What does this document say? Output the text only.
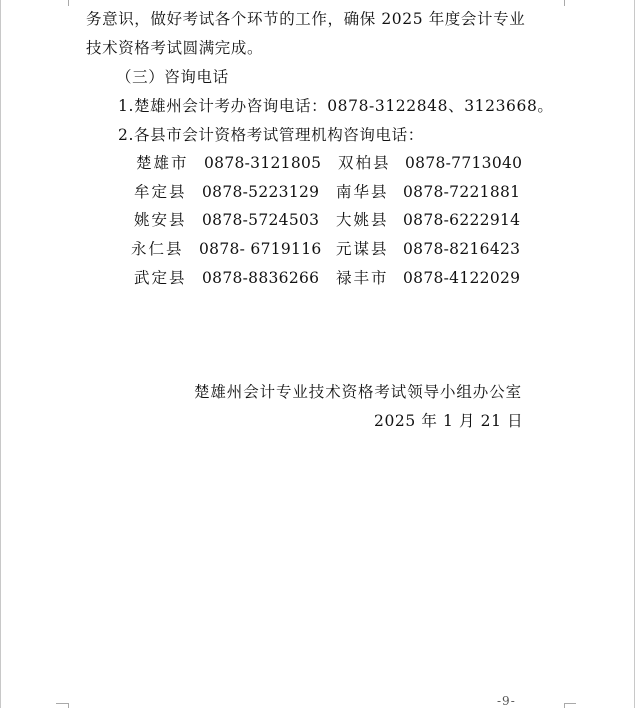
务意识，做好考试各个环节的工作，确保 2025 年度会计专业
技术资格考试圆满完成。
（三）咨询电话
1.楚雄州会计考办咨询电话：0878-3122848、3123668。
2.各县市会计资格考试管理机构咨询电话：
楚雄市 0878-3121805 双柏县 0878-7713040
牟定县 0878-5223129 南华县 0878-7221881
姚安县 0878-5724503 大姚县 0878-6222914
永仁县 0878- 6719116 元谋县 0878-8216423
武定县 0878-8836266 禄丰市 0878-4122029
楚雄州会计专业技术资格考试领导小组办公室
2025 年 1 月 21 日
-9-
